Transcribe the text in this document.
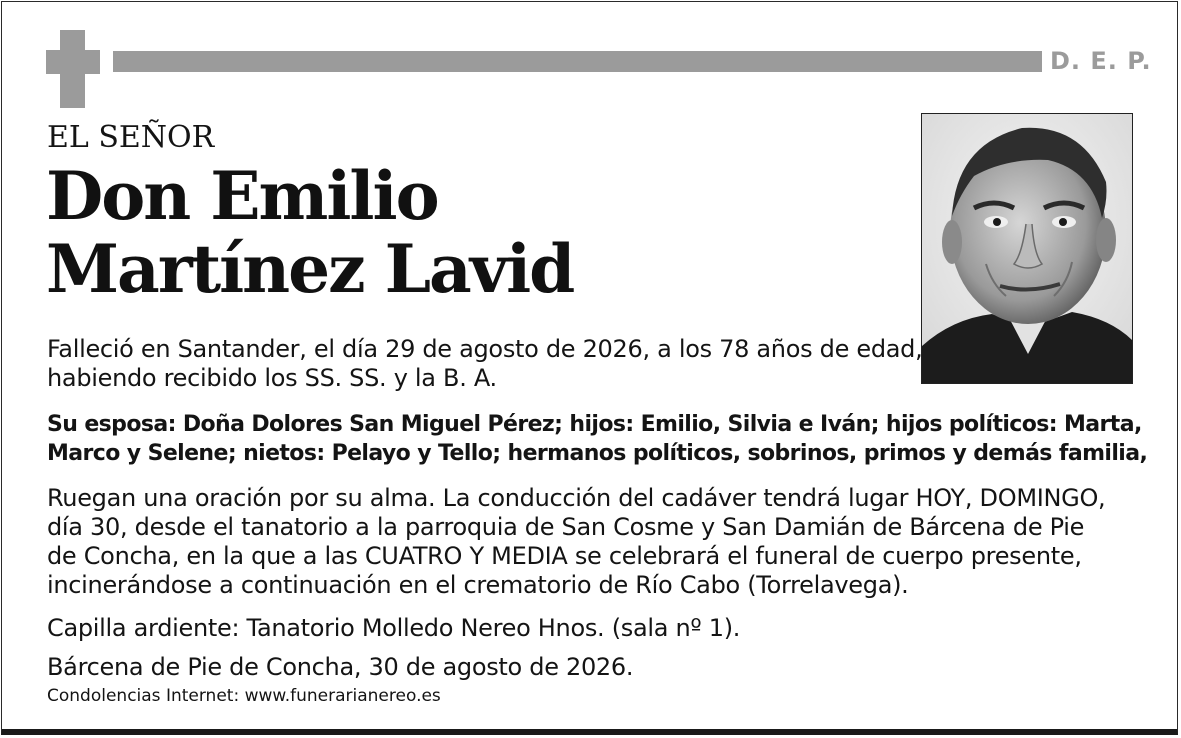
D. E. P.
EL SEÑOR
Don Emilio
Martínez Lavid

Falleció en Santander, el día 29 de agosto de 2026, a los 78 años de edad,
habiendo recibido los SS. SS. y la B. A.

Su esposa: Doña Dolores San Miguel Pérez; hijos: Emilio, Silvia e Iván; hijos políticos: Marta,
Marco y Selene; nietos: Pelayo y Tello; hermanos políticos, sobrinos, primos y demás familia,

Ruegan una oración por su alma. La conducción del cadáver tendrá lugar HOY, DOMINGO,
día 30, desde el tanatorio a la parroquia de San Cosme y San Damián de Bárcena de Pie
de Concha, en la que a las CUATRO Y MEDIA se celebrará el funeral de cuerpo presente,
incinerándose a continuación en el crematorio de Río Cabo (Torrelavega).

Capilla ardiente: Tanatorio Molledo Nereo Hnos. (sala nº 1).

Bárcena de Pie de Concha, 30 de agosto de 2026.

Condolencias Internet: www.funerarianereo.es
